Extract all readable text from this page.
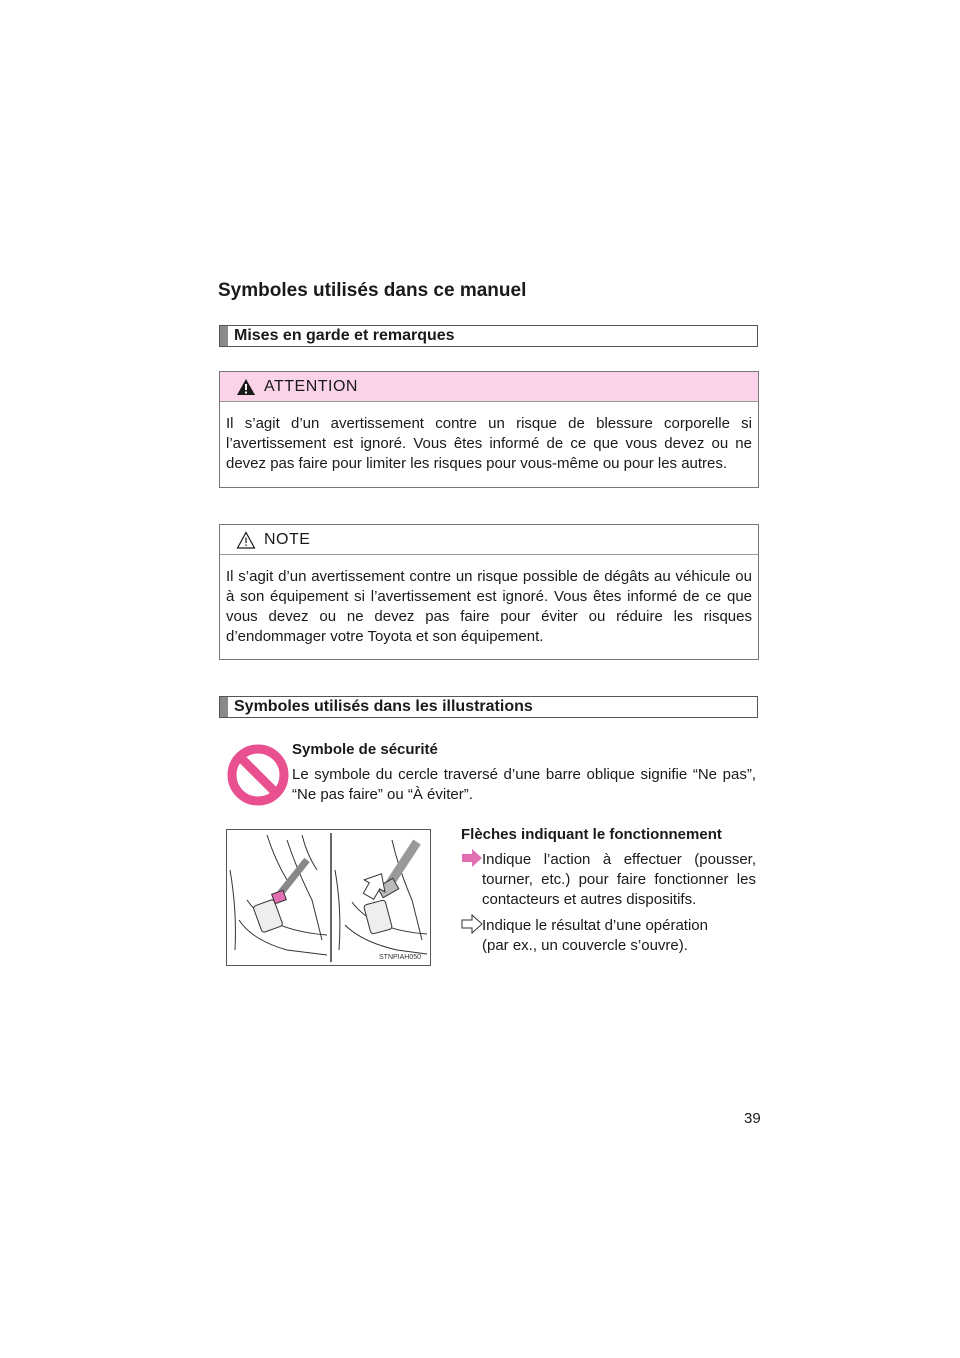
Symboles utilisés dans ce manuel
Mises en garde et remarques
ATTENTION
Il s’agit d’un avertissement contre un risque de blessure corporelle si l’avertissement est ignoré. Vous êtes informé de ce que vous devez ou ne devez pas faire pour limiter les risques pour vous-même ou pour les autres.
NOTE
Il s’agit d’un avertissement contre un risque possible de dégâts au véhicule ou à son équipement si l’avertissement est ignoré. Vous êtes informé de ce que vous devez ou ne devez pas faire pour éviter ou réduire les risques d’endommager votre Toyota et son équipement.
Symboles utilisés dans les illustrations
Symbole de sécurité
Le symbole du cercle traversé d’une barre oblique signifie “Ne pas”, “Ne pas faire” ou “À éviter”.
STNPIAH050
Flèches indiquant le fonctionnement
Indique l’action à effectuer (pousser, tourner, etc.) pour faire fonctionner les contacteurs et autres dispositifs.
Indique le résultat d’une opération
(par ex., un couvercle s’ouvre).
39
